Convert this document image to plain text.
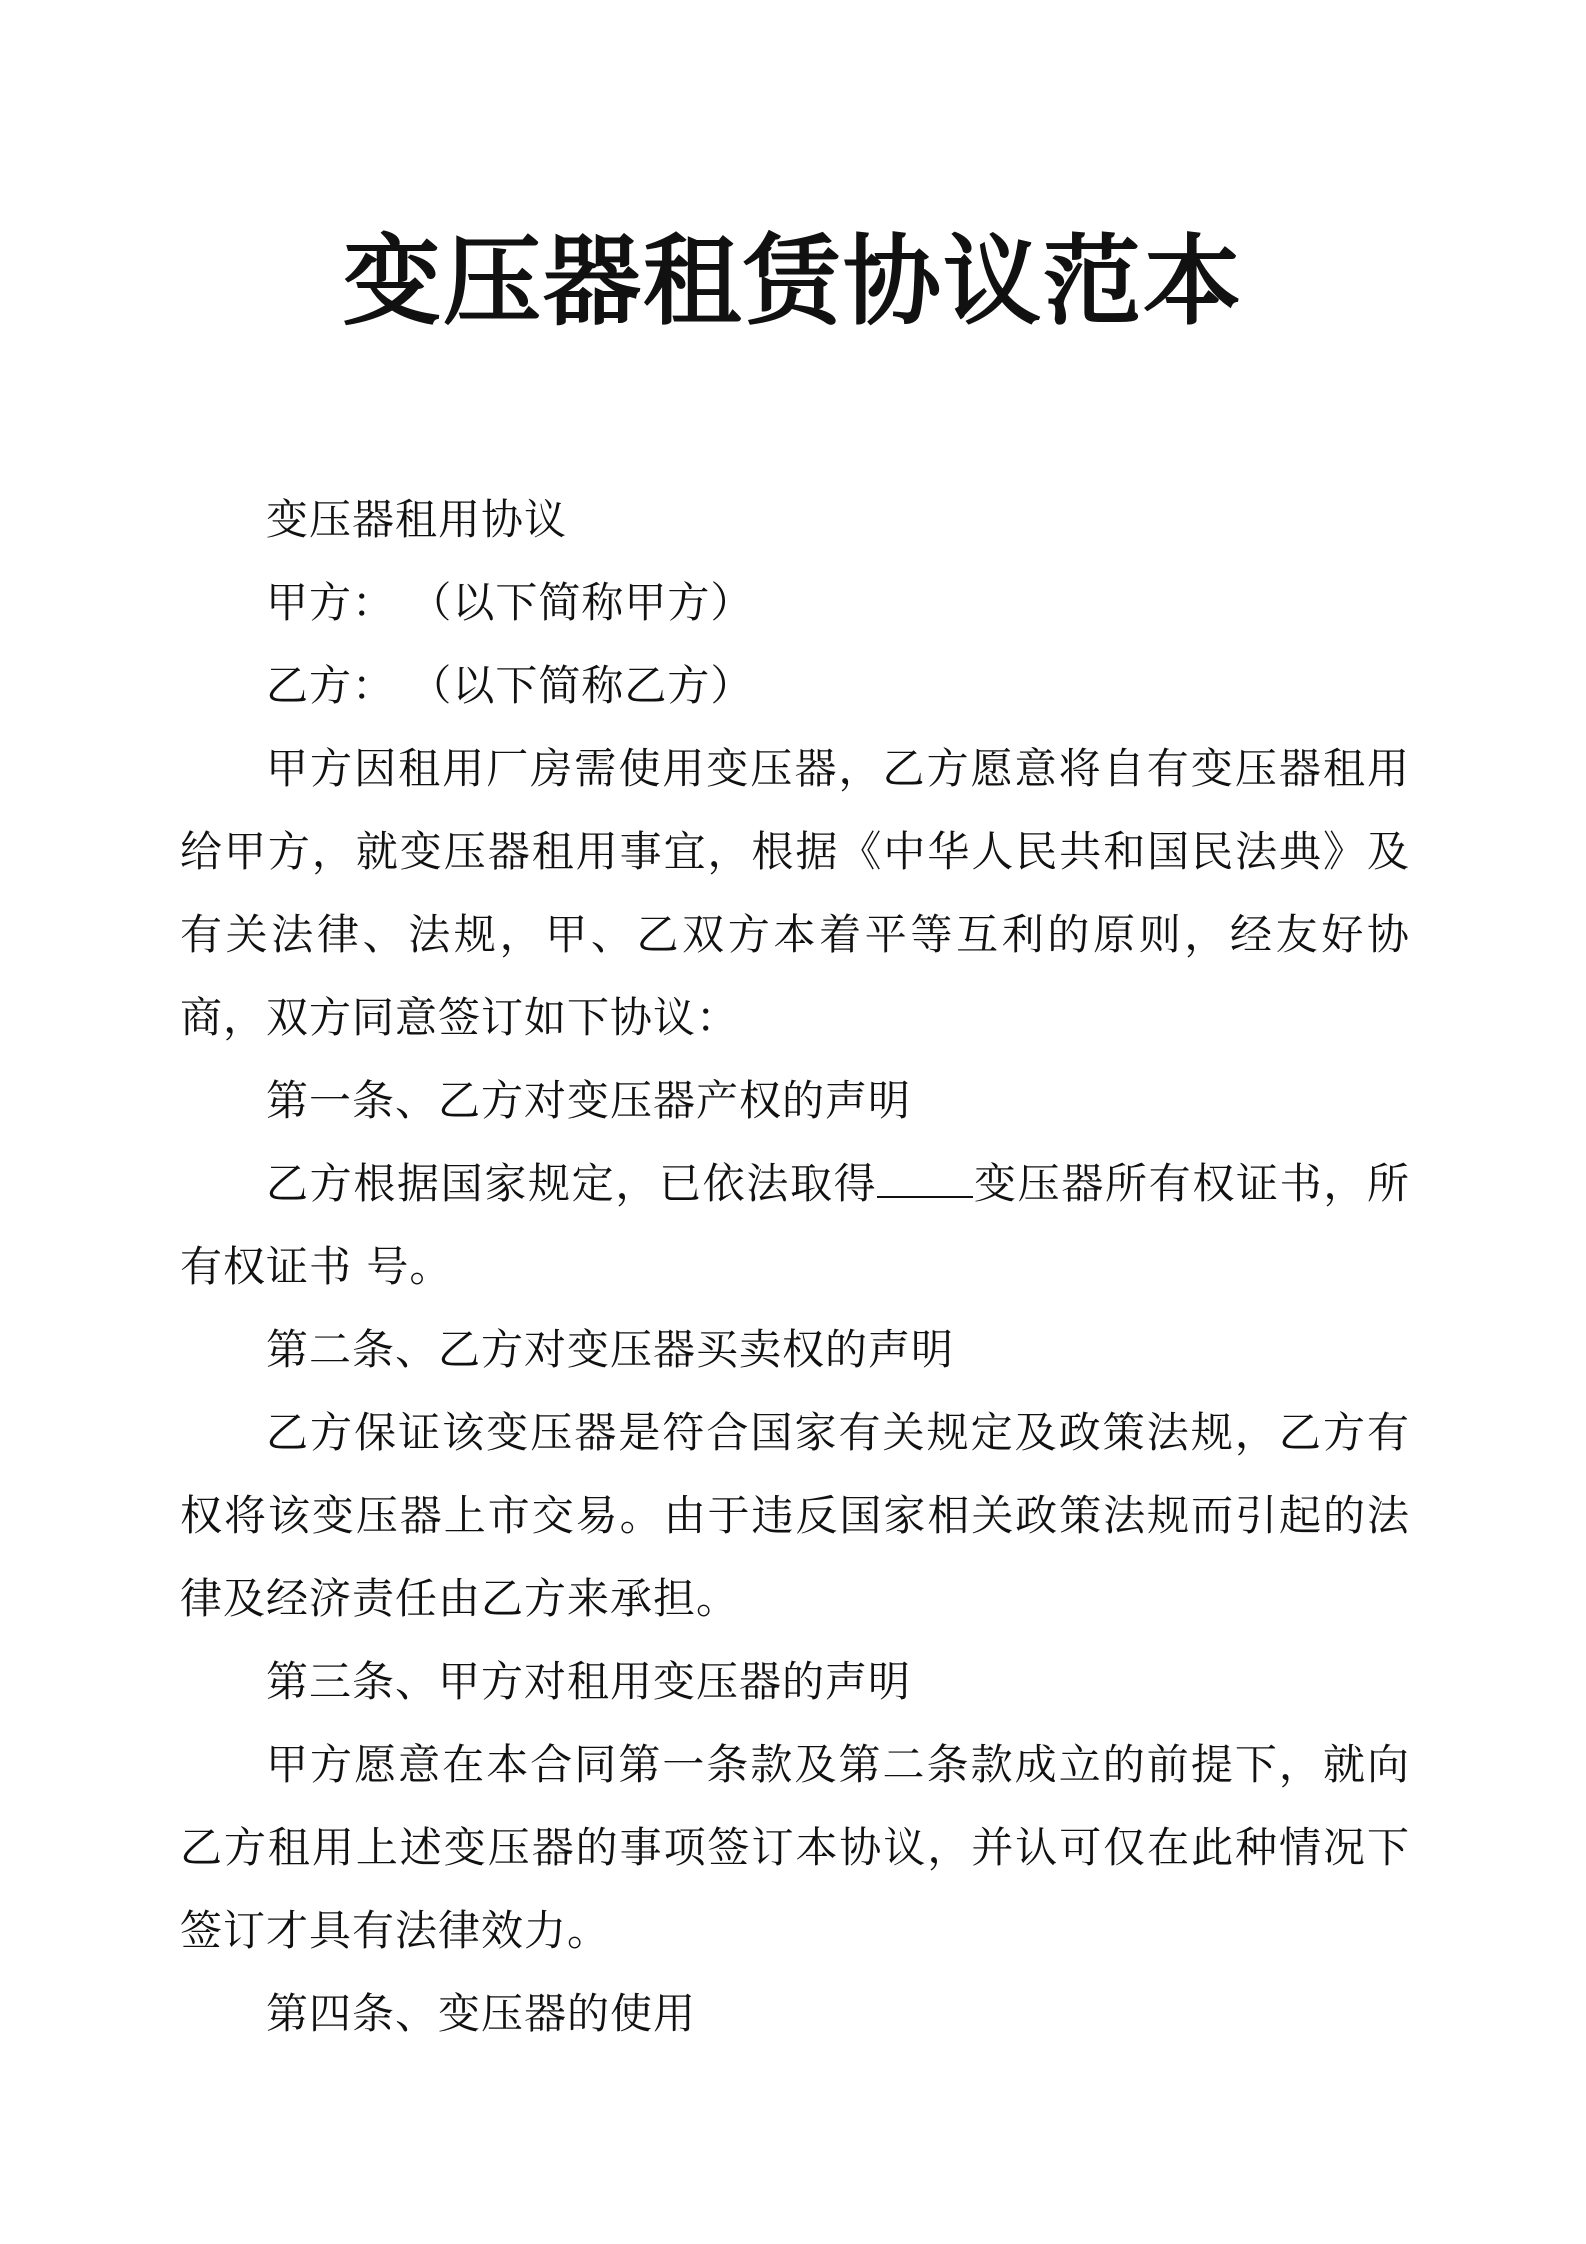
变压器租赁协议范本

变压器租用协议

甲方： （以下简称甲方）

乙方： （以下简称乙方）

甲方因租用厂房需使用变压器，乙方愿意将自有变压器租用给甲方，就变压器租用事宜，根据《中华人民共和国民法典》及有关法律、法规，甲、乙双方本着平等互利的原则，经友好协商，双方同意签订如下协议：

第一条、乙方对变压器产权的声明

乙方根据国家规定，已依法取得 变压器所有权证书，所有权证书 号。

第二条、乙方对变压器买卖权的声明

乙方保证该变压器是符合国家有关规定及政策法规，乙方有权将该变压器上市交易。由于违反国家相关政策法规而引起的法律及经济责任由乙方来承担。

第三条、甲方对租用变压器的声明

甲方愿意在本合同第一条款及第二条款成立的前提下，就向乙方租用上述变压器的事项签订本协议，并认可仅在此种情况下签订才具有法律效力。

第四条、变压器的使用
